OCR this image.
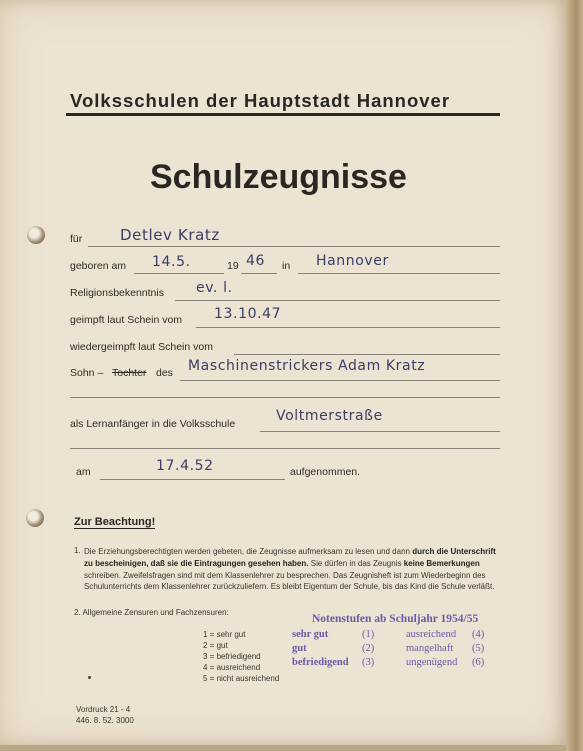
Volksschulen der Hauptstadt Hannover
Schulzeugnisse
für	Detlev Kratz
geboren am 14.5.	19 46 in Hannover
Religionsbekenntnis ev. l.
geimpft laut Schein vom 13.10.47
wiedergeimpft laut Schein vom
Sohn – Tochter des Maschinenstrickers Adam Kratz
als Lernanfänger in die Volksschule	Voltmerstraße
am	17.4.52	aufgenommen.
Zur Beachtung!
1. Die Erziehungsberechtigten werden gebeten, die Zeugnisse aufmerksam zu lesen und dann durch die Unterschrift zu bescheinigen, daß sie die Eintragungen gesehen haben. Sie dürfen in das Zeugnis keine Bemerkungen schreiben. Zweifelsfragen sind mit dem Klassenlehrer zu besprechen. Das Zeugnisheft ist zum Wiederbeginn des Schulunterrichts dem Klassenlehrer zurückzuliefern. Es bleibt Eigentum der Schule, bis das Kind die Schule verläßt.
2. Allgemeine Zensuren und Fachzensuren:
1 = sehr gut
2 = gut
3 = befriedigend
4 = ausreichend
5 = nicht ausreichend
Notenstufen ab Schuljahr 1954/55
sehr gut	(1)	ausreichend (4)
gut	(2)	mangelhaft (5)
befriedigend (3)	ungenügend (6)
Vordruck 21 - 4
446. 8. 52. 3000
